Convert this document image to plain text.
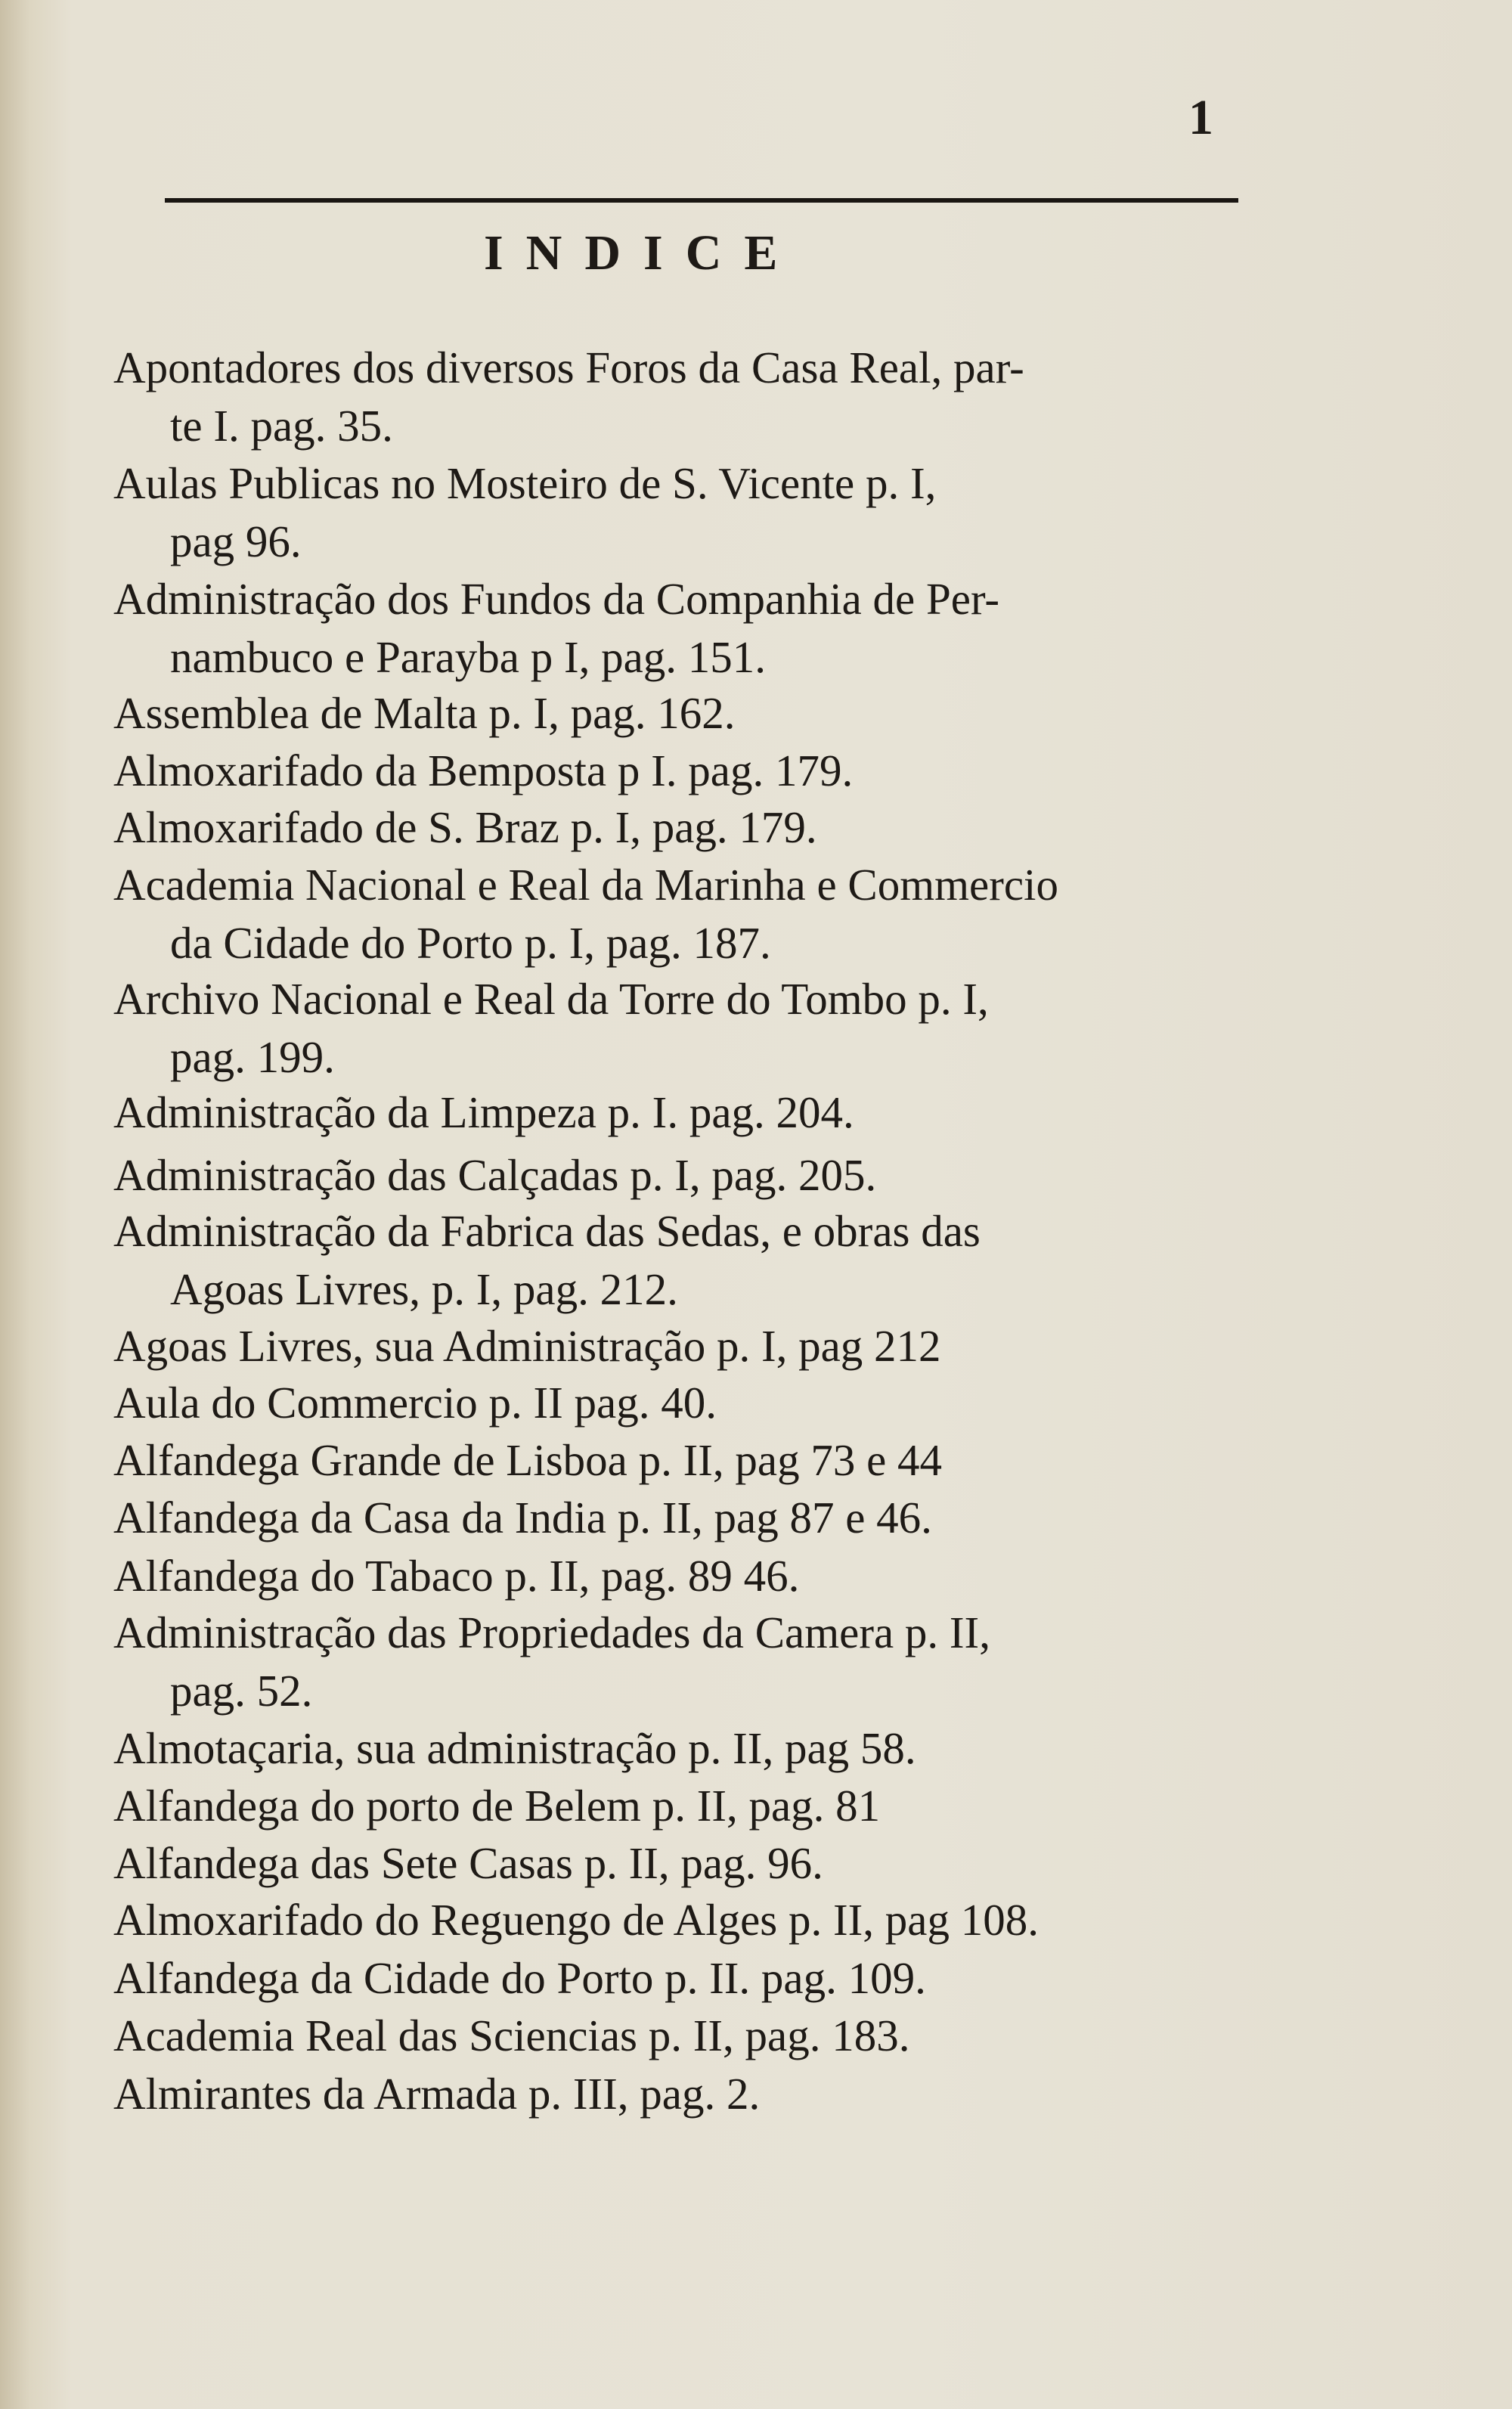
1
INDICE
Apontadores dos diversos Foros da Casa Real, par-
te I. pag. 35.
Aulas Publicas no Mosteiro de S. Vicente p. I,
pag 96.
Administração dos Fundos da Companhia de Per-
nambuco e Parayba p I, pag. 151.
Assemblea de Malta p. I, pag. 162.
Almoxarifado da Bemposta p I. pag. 179.
Almoxarifado de S. Braz p. I, pag. 179.
Academia Nacional e Real da Marinha e Commercio
da Cidade do Porto p. I, pag. 187.
Archivo Nacional e Real da Torre do Tombo p. I,
pag. 199.
Administração da Limpeza p. I. pag. 204.
Administração das Calçadas p. I, pag. 205.
Administração da Fabrica das Sedas, e obras das
Agoas Livres, p. I, pag. 212.
Agoas Livres, sua Administração p. I, pag 212
Aula do Commercio p. II pag. 40.
Alfandega Grande de Lisboa p. II, pag 73 e 44
Alfandega da Casa da India p. II, pag 87 e 46.
Alfandega do Tabaco p. II, pag. 89 46.
Administração das Propriedades da Camera p. II,
pag. 52.
Almotaçaria, sua administração p. II, pag 58.
Alfandega do porto de Belem p. II, pag. 81
Alfandega das Sete Casas p. II, pag. 96.
Almoxarifado do Reguengo de Alges p. II, pag 108.
Alfandega da Cidade do Porto p. II. pag. 109.
Academia Real das Sciencias p. II, pag. 183.
Almirantes da Armada p. III, pag. 2.
